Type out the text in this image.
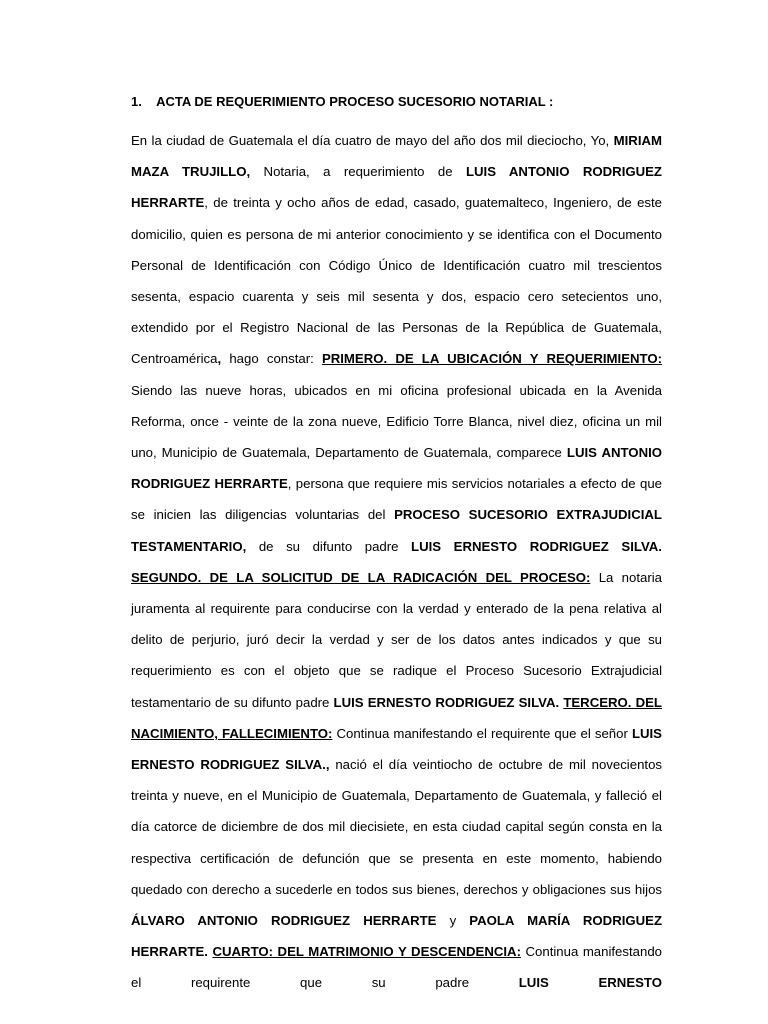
1. ACTA DE REQUERIMIENTO PROCESO SUCESORIO NOTARIAL :
En la ciudad de Guatemala el día cuatro de mayo del año dos mil dieciocho, Yo, MIRIAM MAZA TRUJILLO, Notaria, a requerimiento de LUIS ANTONIO RODRIGUEZ HERRARTE, de treinta y ocho años de edad, casado, guatemalteco, Ingeniero, de este domicilio, quien es persona de mi anterior conocimiento y se identifica con el Documento Personal de Identificación con Código Único de Identificación cuatro mil trescientos sesenta, espacio cuarenta y seis mil sesenta y dos, espacio cero setecientos uno, extendido por el Registro Nacional de las Personas de la República de Guatemala, Centroamérica, hago constar: PRIMERO. DE LA UBICACIÓN Y REQUERIMIENTO: Siendo las nueve horas, ubicados en mi oficina profesional ubicada en la Avenida Reforma, once - veinte de la zona nueve, Edificio Torre Blanca, nivel diez, oficina un mil uno, Municipio de Guatemala, Departamento de Guatemala, comparece LUIS ANTONIO RODRIGUEZ HERRARTE, persona que requiere mis servicios notariales a efecto de que se inicien las diligencias voluntarias del PROCESO SUCESORIO EXTRAJUDICIAL TESTAMENTARIO, de su difunto padre LUIS ERNESTO RODRIGUEZ SILVA. SEGUNDO. DE LA SOLICITUD DE LA RADICACIÓN DEL PROCESO: La notaria juramenta al requirente para conducirse con la verdad y enterado de la pena relativa al delito de perjurio, juró decir la verdad y ser de los datos antes indicados y que su requerimiento es con el objeto que se radique el Proceso Sucesorio Extrajudicial testamentario de su difunto padre LUIS ERNESTO RODRIGUEZ SILVA. TERCERO. DEL NACIMIENTO, FALLECIMIENTO: Continua manifestando el requirente que el señor LUIS ERNESTO RODRIGUEZ SILVA., nació el día veintiocho de octubre de mil novecientos treinta y nueve, en el Municipio de Guatemala, Departamento de Guatemala, y falleció el día catorce de diciembre de dos mil diecisiete, en esta ciudad capital según consta en la respectiva certificación de defunción que se presenta en este momento, habiendo quedado con derecho a sucederle en todos sus bienes, derechos y obligaciones sus hijos ÁLVARO ANTONIO RODRIGUEZ HERRARTE y PAOLA MARÍA RODRIGUEZ HERRARTE. CUARTO: DEL MATRIMONIO Y DESCENDENCIA: Continua manifestando el requirente que su padre LUIS ERNESTO
